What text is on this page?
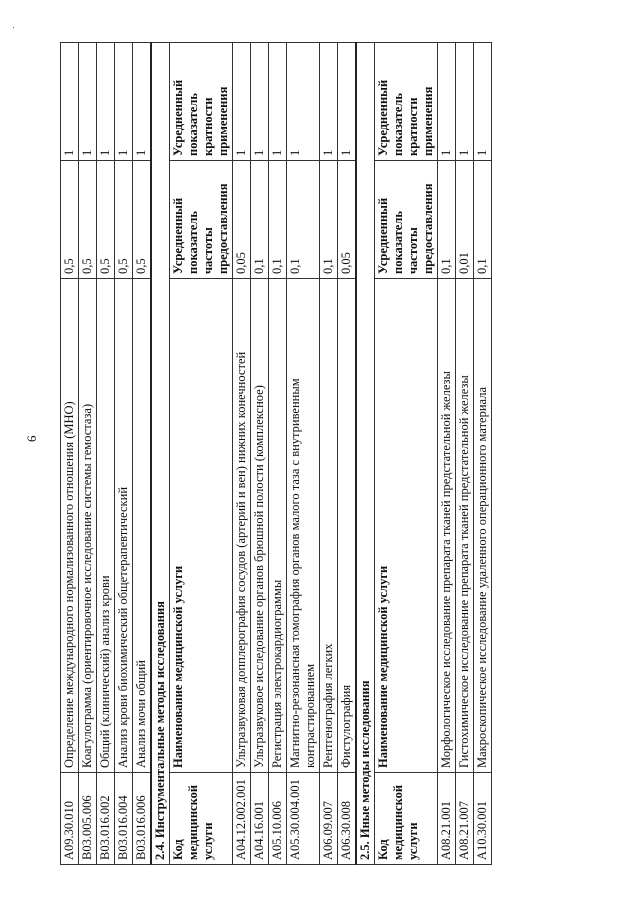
6
·
A09.30.010	Определение международного нормализованного отношения (МНО)	0,5	1
B03.005.006	Коагулограмма (ориентировочное исследование системы гемостаза)	0,5	1
B03.016.002	Общий (клинический) анализ крови	0,5	1
B03.016.004	Анализ крови биохимический общетерапевтический	0,5	1
B03.016.006	Анализ мочи общий	0,5	1
2.4. Инструментальные методы исследования			
Код медицинской услуги	Наименование медицинской услуги	Усредненный показатель частоты предоставления	Усредненный показатель кратности применения
A04.12.002.001	Ультразвуковая допплерография сосудов (артерий и вен) нижних конечностей	0,05	1
A04.16.001	Ультразвуковое исследование органов брюшной полости (комплексное)	0,1	1
A05.10.006	Регистрация электрокардиограммы	0,1	1
A05.30.004.001	Магнитно-резонансная томография органов малого таза с внутривенным контрастированием	0,1	1
A06.09.007	Рентгенография легких	0,1	1
A06.30.008	Фистулография	0,05	1
2.5. Иные методы исследования			
Код медицинской услуги	Наименование медицинской услуги	Усредненный показатель частоты предоставления	Усредненный показатель кратности применения
A08.21.001	Морфологическое исследование препарата тканей предстательной железы	0,1	1
A08.21.007	Гистохимическое исследование препарата тканей предстательной железы	0,01	1
A10.30.001	Макроскопическое исследование удаленного операционного материала	0,1	1
